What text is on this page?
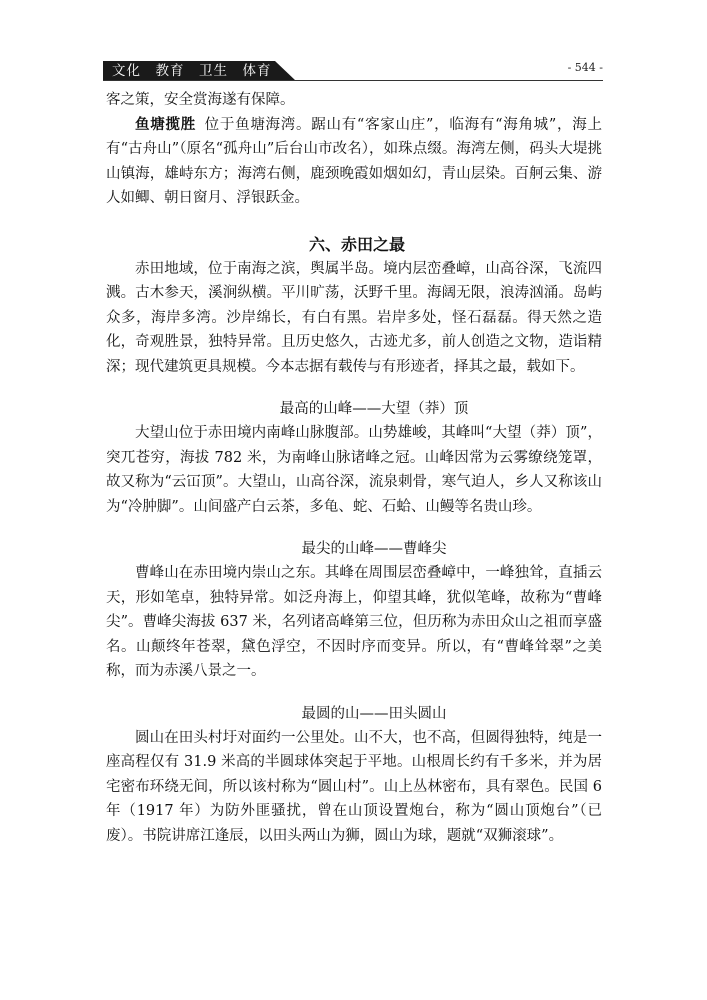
文化　教育　卫生　体育	- 544 -

客之策，安全赏海遂有保障。

鱼塘揽胜 位于鱼塘海湾。踞山有“客家山庄”，临海有“海角城”，海上有“古舟山”（原名“孤舟山”后台山市改名），如珠点缀。海湾左侧，码头大堤挑山镇海，雄峙东方；海湾右侧，鹿颈晚霞如烟如幻，青山层染。百舸云集、游人如鲫、朝日窗月、浮银跃金。

六、赤田之最

赤田地域，位于南海之滨，舆属半岛。境内层峦叠嶂，山高谷深，飞流四溅。古木参天，溪涧纵横。平川旷荡，沃野千里。海阔无限，浪涛汹涌。岛屿众多，海岸多湾。沙岸绵长，有白有黑。岩岸多处，怪石磊磊。得天然之造化，奇观胜景，独特异常。且历史悠久，古迹尤多，前人创造之文物，造诣精深；现代建筑更具规模。今本志据有载传与有形迹者，择其之最，载如下。

最高的山峰——大望（莽）顶

大望山位于赤田境内南峰山脉腹部。山势雄峻，其峰叫“大望（莽）顶”，突兀苍穷，海拔 782 米，为南峰山脉诸峰之冠。山峰因常为云雾缭绕笼罩，故又称为“云冚顶”。大望山，山高谷深，流泉刺骨，寒气迫人，乡人又称该山为“冷肿脚”。山间盛产白云茶，多龟、蛇、石蛤、山鳗等名贵山珍。

最尖的山峰——曹峰尖

曹峰山在赤田境内崇山之东。其峰在周围层峦叠嶂中，一峰独耸，直插云天，形如笔卓，独特异常。如泛舟海上，仰望其峰，犹似笔峰，故称为“曹峰尖”。曹峰尖海拔 637 米，名列诸高峰第三位，但历称为赤田众山之祖而享盛名。山颠终年苍翠，黛色浮空，不因时序而变异。所以，有“曹峰耸翠”之美称，而为赤溪八景之一。

最圆的山——田头圆山

圆山在田头村圩对面约一公里处。山不大，也不高，但圆得独特，纯是一座高程仅有 31.9 米高的半圆球体突起于平地。山根周长约有千多米，并为居宅密布环绕无间，所以该村称为“圆山村”。山上丛林密布，具有翠色。民国 6 年（1917 年）为防外匪骚扰，曾在山顶设置炮台，称为“圆山顶炮台”（已废）。书院讲席江逢辰，以田头两山为狮，圆山为球，题就“双狮滚球”。
